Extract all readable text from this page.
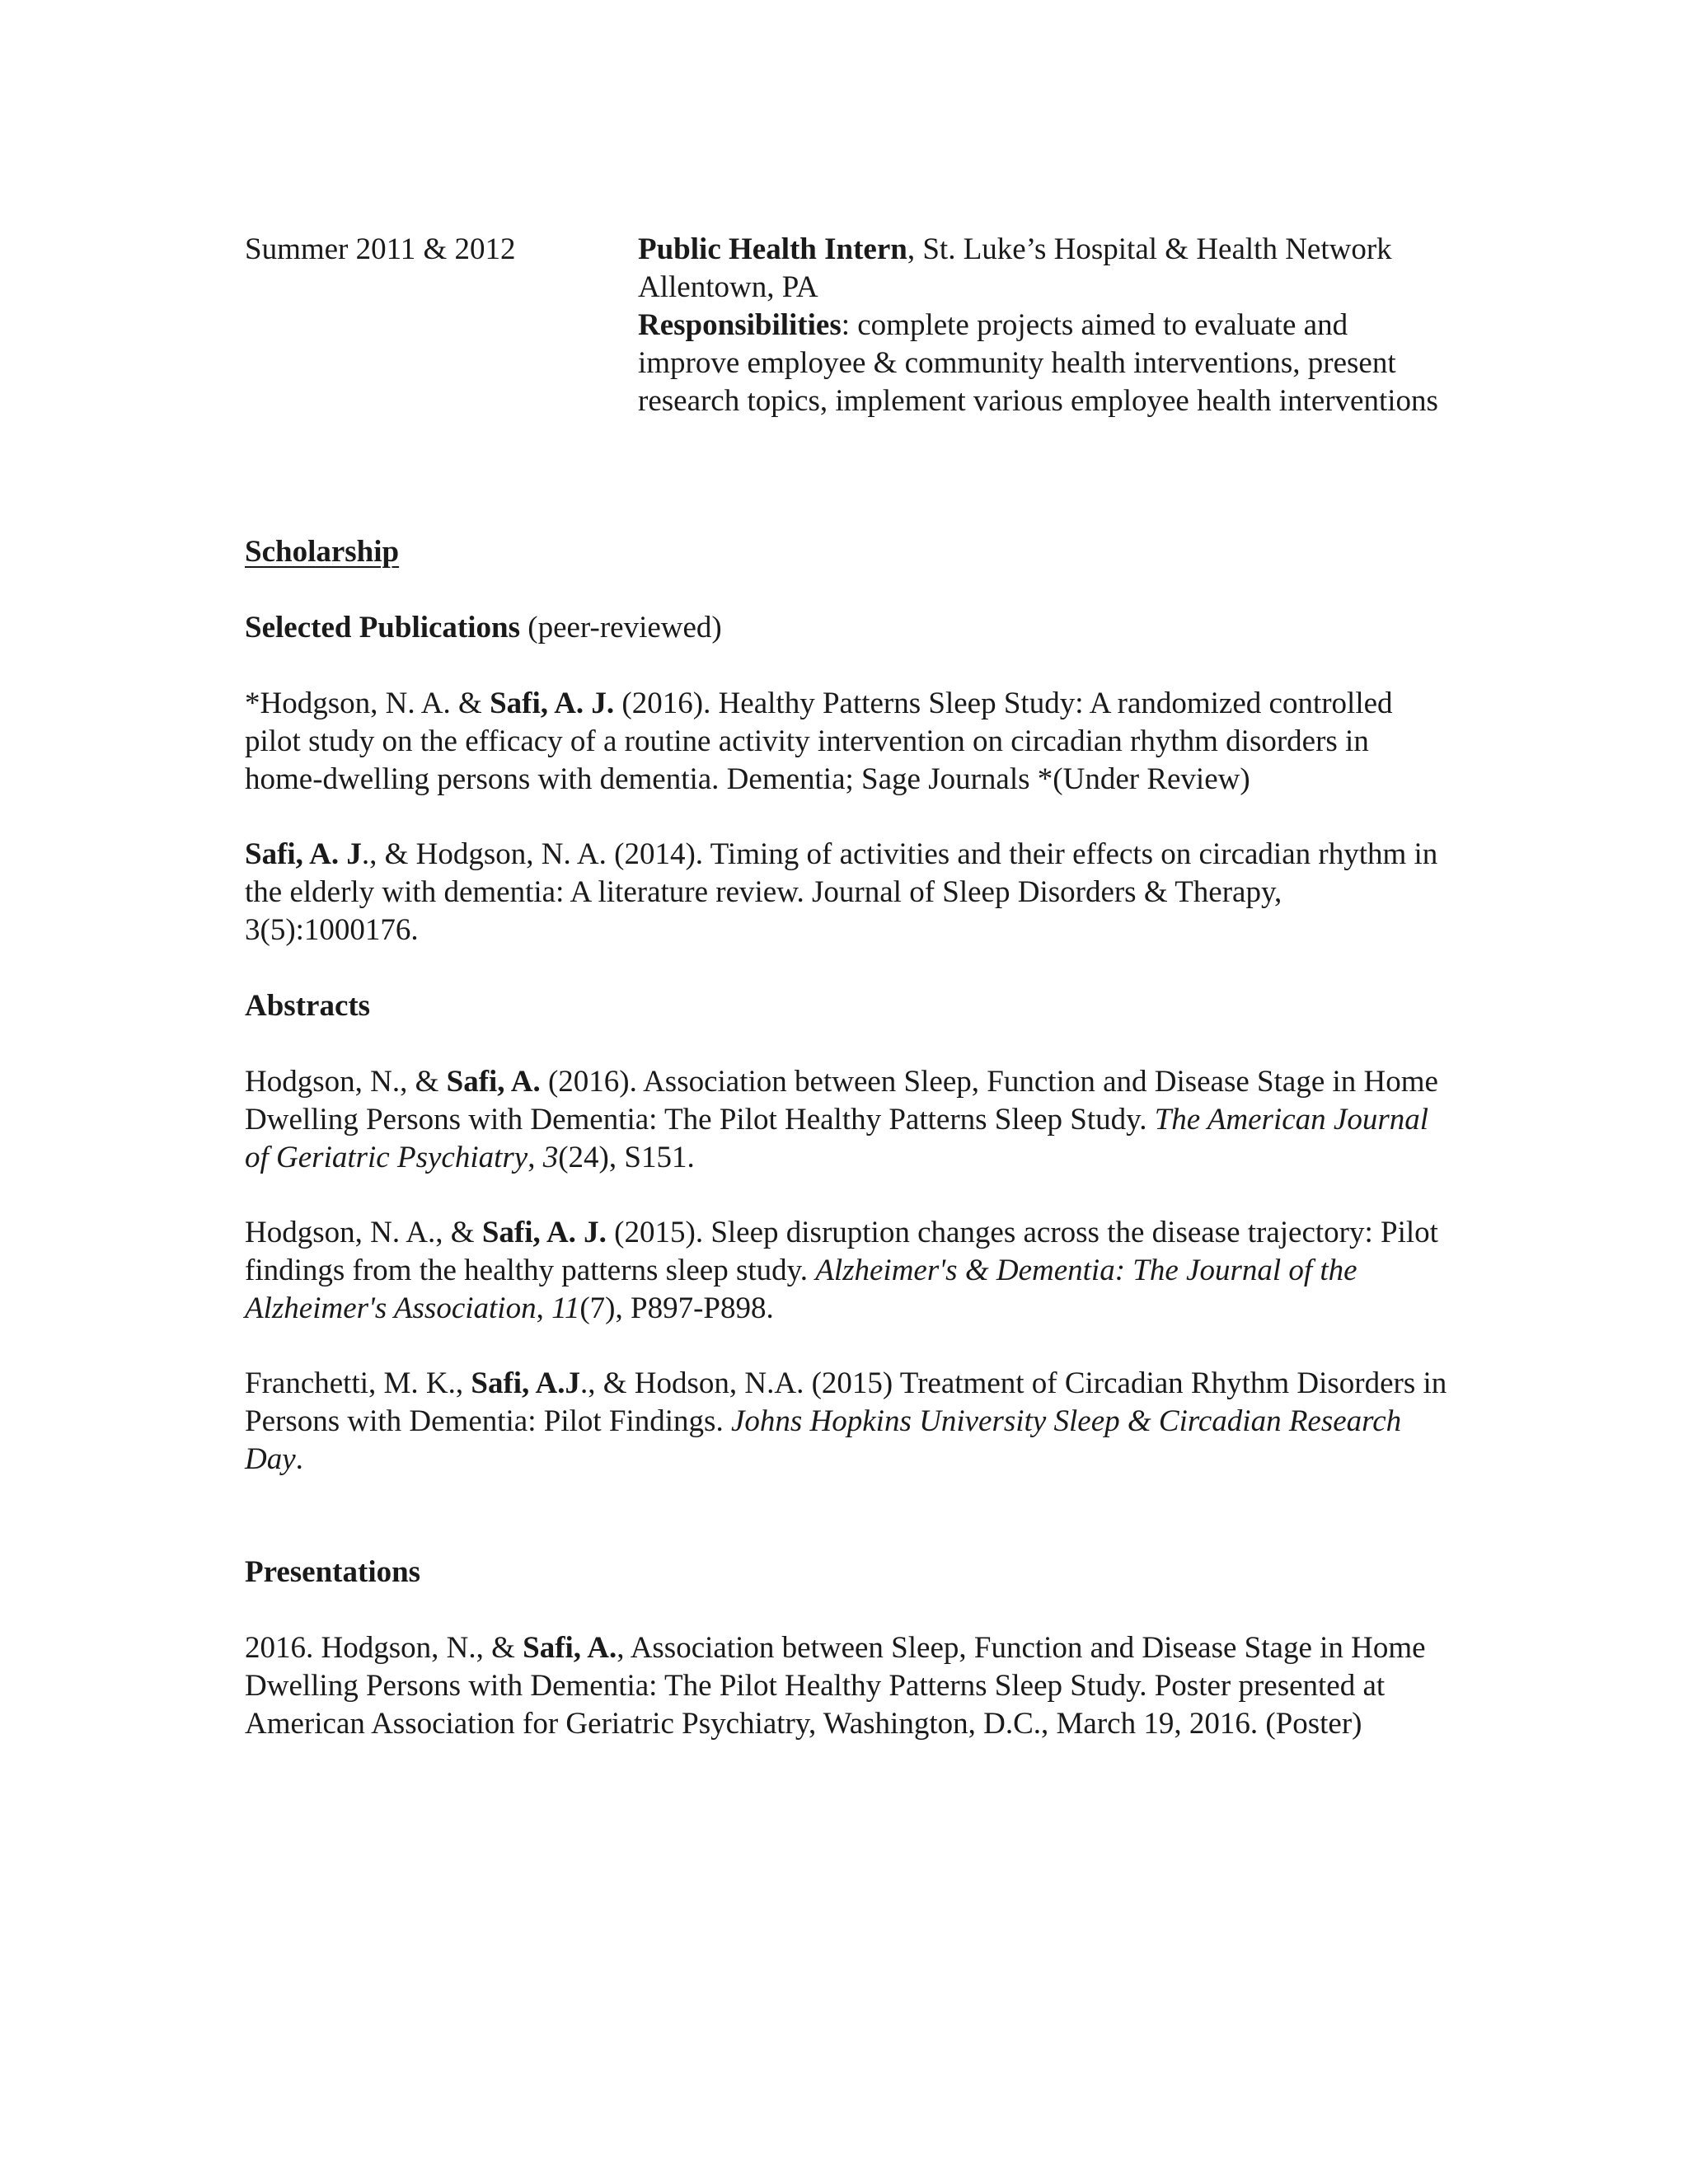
Summer 2011 & 2012	Public Health Intern, St. Luke’s Hospital & Health Network Allentown, PA
Responsibilities: complete projects aimed to evaluate and improve employee & community health interventions, present research topics, implement various employee health interventions

Scholarship

Selected Publications (peer-reviewed)

*Hodgson, N. A. & Safi, A. J. (2016). Healthy Patterns Sleep Study: A randomized controlled pilot study on the efficacy of a routine activity intervention on circadian rhythm disorders in home-dwelling persons with dementia. Dementia; Sage Journals *(Under Review)

Safi, A. J., & Hodgson, N. A. (2014). Timing of activities and their effects on circadian rhythm in the elderly with dementia: A literature review. Journal of Sleep Disorders & Therapy, 3(5):1000176.

Abstracts

Hodgson, N., & Safi, A. (2016). Association between Sleep, Function and Disease Stage in Home Dwelling Persons with Dementia: The Pilot Healthy Patterns Sleep Study. The American Journal of Geriatric Psychiatry, 3(24), S151.

Hodgson, N. A., & Safi, A. J. (2015). Sleep disruption changes across the disease trajectory: Pilot findings from the healthy patterns sleep study. Alzheimer's & Dementia: The Journal of the Alzheimer's Association, 11(7), P897-P898.

Franchetti, M. K., Safi, A.J., & Hodson, N.A. (2015) Treatment of Circadian Rhythm Disorders in Persons with Dementia: Pilot Findings. Johns Hopkins University Sleep & Circadian Research Day.

Presentations

2016. Hodgson, N., & Safi, A., Association between Sleep, Function and Disease Stage in Home Dwelling Persons with Dementia: The Pilot Healthy Patterns Sleep Study. Poster presented at American Association for Geriatric Psychiatry, Washington, D.C., March 19, 2016. (Poster)
